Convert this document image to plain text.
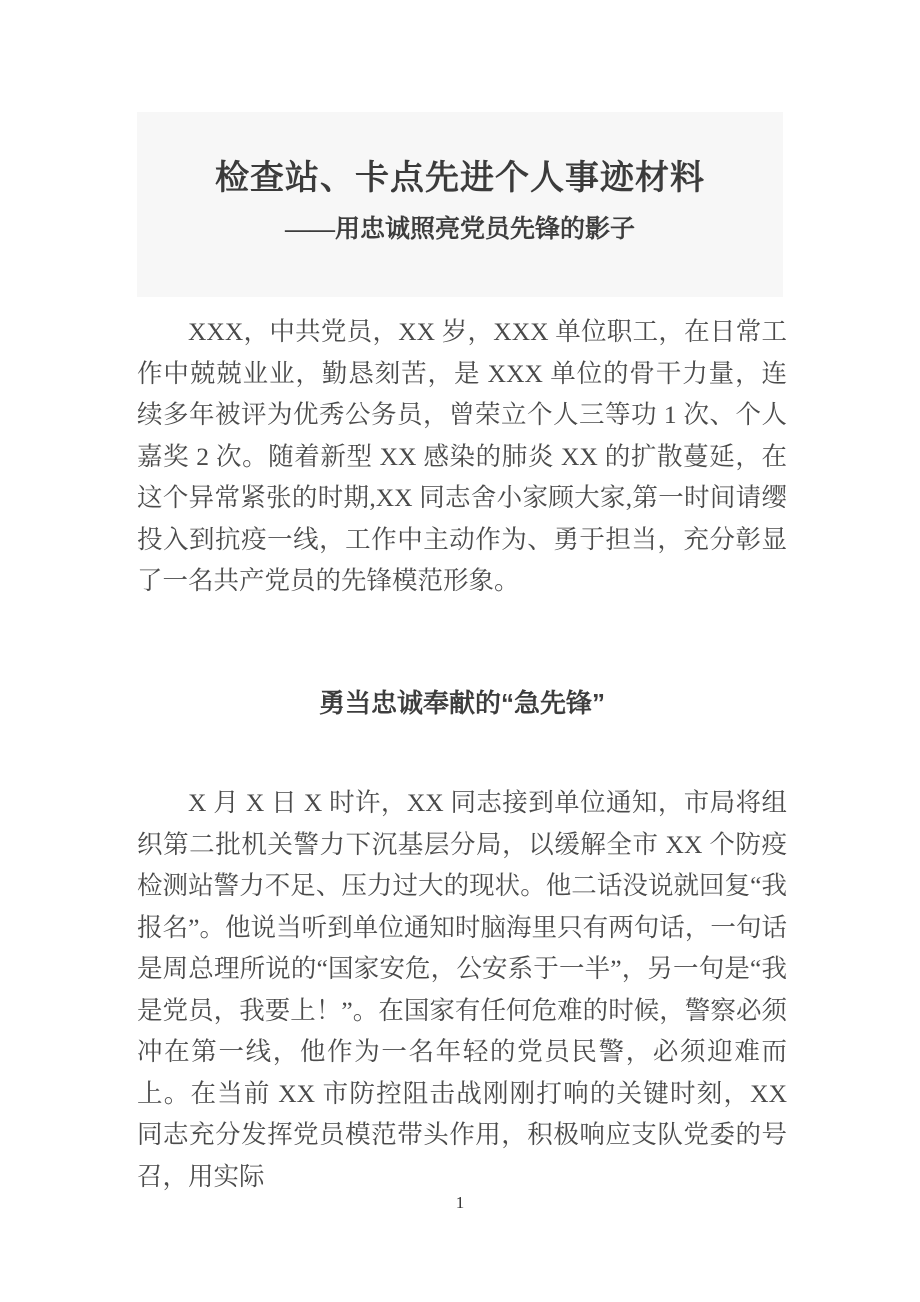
检查站、卡点先进个人事迹材料
——用忠诚照亮党员先锋的影子

XXX，中共党员，XX 岁，XXX 单位职工，在日常工作中兢兢业业，勤恳刻苦，是 XXX 单位的骨干力量，连续多年被评为优秀公务员，曾荣立个人三等功 1 次、个人嘉奖 2 次。随着新型 XX 感染的肺炎 XX 的扩散蔓延，在这个异常紧张的时期,XX 同志舍小家顾大家,第一时间请缨投入到抗疫一线，工作中主动作为、勇于担当，充分彰显了一名共产党员的先锋模范形象。

勇当忠诚奉献的“急先锋”

X 月 X 日 X 时许，XX 同志接到单位通知，市局将组织第二批机关警力下沉基层分局，以缓解全市 XX 个防疫检测站警力不足、压力过大的现状。他二话没说就回复“我报名”。他说当听到单位通知时脑海里只有两句话，一句话是周总理所说的“国家安危，公安系于一半”，另一句是“我是党员，我要上！”。在国家有任何危难的时候，警察必须冲在第一线，他作为一名年轻的党员民警，必须迎难而上。在当前 XX 市防控阻击战刚刚打响的关键时刻，XX 同志充分发挥党员模范带头作用，积极响应支队党委的号召，用实际

1
